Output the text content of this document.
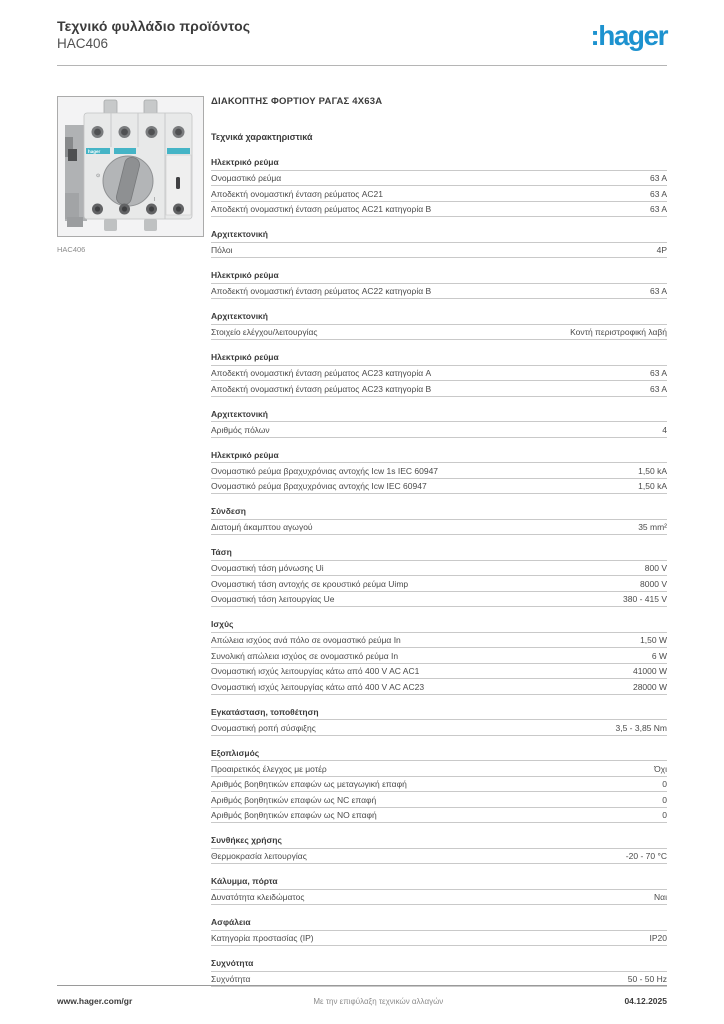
Τεχνικό φυλλάδιο προϊόντος
HAC406	:hager
hager
⊙
I
HAC406
ΔΙΑΚΟΠΤΗΣ ΦΟΡΤΙΟΥ ΡΑΓΑΣ 4X63A
Τεχνικά χαρακτηριστικά
Ηλεκτρικό ρεύμα
Ονομαστικό ρεύμα	63 A
Αποδεκτή ονομαστική ένταση ρεύματος AC21	63 A
Αποδεκτή ονομαστική ένταση ρεύματος AC21 κατηγορία B	63 A
Αρχιτεκτονική
Πόλοι	4P
Ηλεκτρικό ρεύμα
Αποδεκτή ονομαστική ένταση ρεύματος AC22 κατηγορία B	63 A
Αρχιτεκτονική
Στοιχείο ελέγχου/λειτουργίας	Κοντή περιστροφική λαβή
Ηλεκτρικό ρεύμα
Αποδεκτή ονομαστική ένταση ρεύματος AC23 κατηγορία A	63 A
Αποδεκτή ονομαστική ένταση ρεύματος AC23 κατηγορία B	63 A
Αρχιτεκτονική
Αριθμός πόλων	4
Ηλεκτρικό ρεύμα
Ονομαστικό ρεύμα βραχυχρόνιας αντοχής Icw 1s IEC 60947	1,50 kA
Ονομαστικό ρεύμα βραχυχρόνιας αντοχής Icw IEC 60947	1,50 kA
Σύνδεση
Διατομή άκαμπτου αγωγού	35 mm²
Τάση
Ονομαστική τάση μόνωσης Ui	800 V
Ονομαστική τάση αντοχής σε κρουστικό ρεύμα Uimp	8000 V
Ονομαστική τάση λειτουργίας Ue	380 - 415 V
Ισχύς
Απώλεια ισχύος ανά πόλο σε ονομαστικό ρεύμα In	1,50 W
Συνολική απώλεια ισχύος σε ονομαστικό ρεύμα In	6 W
Ονομαστική ισχύς λειτουργίας κάτω από 400 V AC AC1	41000 W
Ονομαστική ισχύς λειτουργίας κάτω από 400 V AC AC23	28000 W
Εγκατάσταση, τοποθέτηση
Ονομαστική ροπή σύσφιξης	3,5 - 3,85 Nm
Εξοπλισμός
Προαιρετικός έλεγχος με μοτέρ	Όχι
Αριθμός βοηθητικών επαφών ως μεταγωγική επαφή	0
Αριθμός βοηθητικών επαφών ως NC επαφή	0
Αριθμός βοηθητικών επαφών ως NO επαφή	0
Συνθήκες χρήσης
Θερμοκρασία λειτουργίας	-20 - 70 °C
Κάλυμμα, πόρτα
Δυνατότητα κλειδώματος	Ναι
Ασφάλεια
Κατηγορία προστασίας (IP)	IP20
Συχνότητα
Συχνότητα	50 - 50 Hz
www.hager.com/gr	Με την επιφύλαξη τεχνικών αλλαγών	04.12.2025
